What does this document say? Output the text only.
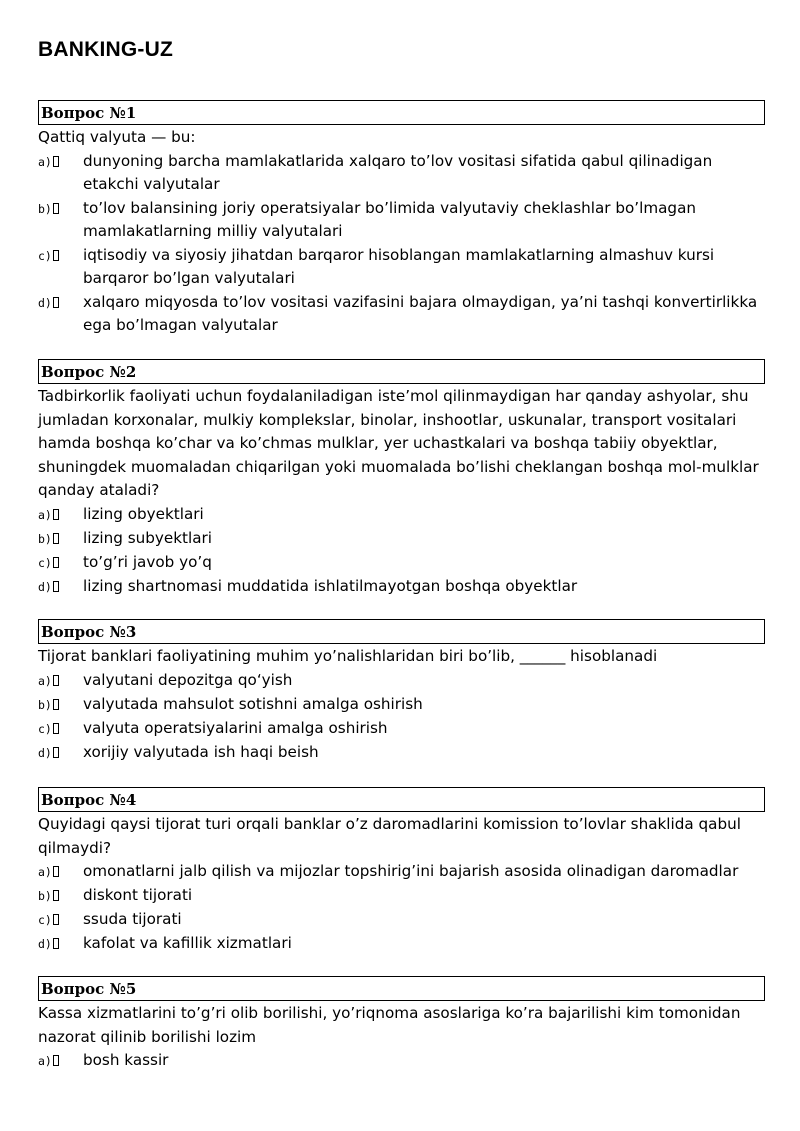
BANKING-UZ
Вопрос №1
Qattiq valyuta — bu:
a)	dunyoning barcha mamlakatlarida xalqaro to’lov vositasi sifatida qabul qilinadigan etakchi valyutalar
b)	to’lov balansining joriy operatsiyalar bo’limida valyutaviy cheklashlar bo’lmagan mamlakatlarning milliy valyutalari
c)	iqtisodiy va siyosiy jihatdan barqaror hisoblangan mamlakatlarning almashuv kursi barqaror bo’lgan valyutalari
d)	xalqaro miqyosda to’lov vositasi vazifasini bajara olmaydigan, ya’ni tashqi konvertirlikka ega bo’lmagan valyutalar
Вопрос №2
Tadbirkorlik faoliyati uchun foydalaniladigan iste’mol qilinmaydigan har qanday ashyolar, shu jumladan korxonalar, mulkiy komplekslar, binolar, inshootlar, uskunalar, transport vositalari hamda boshqa ko’char va ko’chmas mulklar, yer uchastkalari va boshqa tabiiy obyektlar, shuningdek muomaladan chiqarilgan yoki muomalada bo’lishi cheklangan boshqa mol-mulklar qanday ataladi?
a)	lizing obyektlari
b)	lizing subyektlari
c)	to’g’ri javob yo’q
d)	lizing shartnomasi muddatida ishlatilmayotgan boshqa obyektlar
Вопрос №3
Tijorat banklari faoliyatining muhim yo’nalishlaridan biri bo’lib, ______ hisoblanadi
a)	valyutani depozitga qo‘yish
b)	valyutada mahsulot sotishni amalga oshirish
c)	valyuta operatsiyalarini amalga oshirish
d)	xorijiy valyutada ish haqi beish
Вопрос №4
Quyidagi qaysi tijorat turi orqali banklar o’z daromadlarini komission to’lovlar shaklida qabul qilmaydi?
a)	omonatlarni jalb qilish va mijozlar topshirig’ini bajarish asosida olinadigan daromadlar
b)	diskont tijorati
c)	ssuda tijorati
d)	kafolat va kafillik xizmatlari
Вопрос №5
Kassa xizmatlarini to’g’ri olib borilishi, yo’riqnoma asoslariga ko’ra bajarilishi kim tomonidan nazorat qilinib borilishi lozim
a)	bosh kassir
